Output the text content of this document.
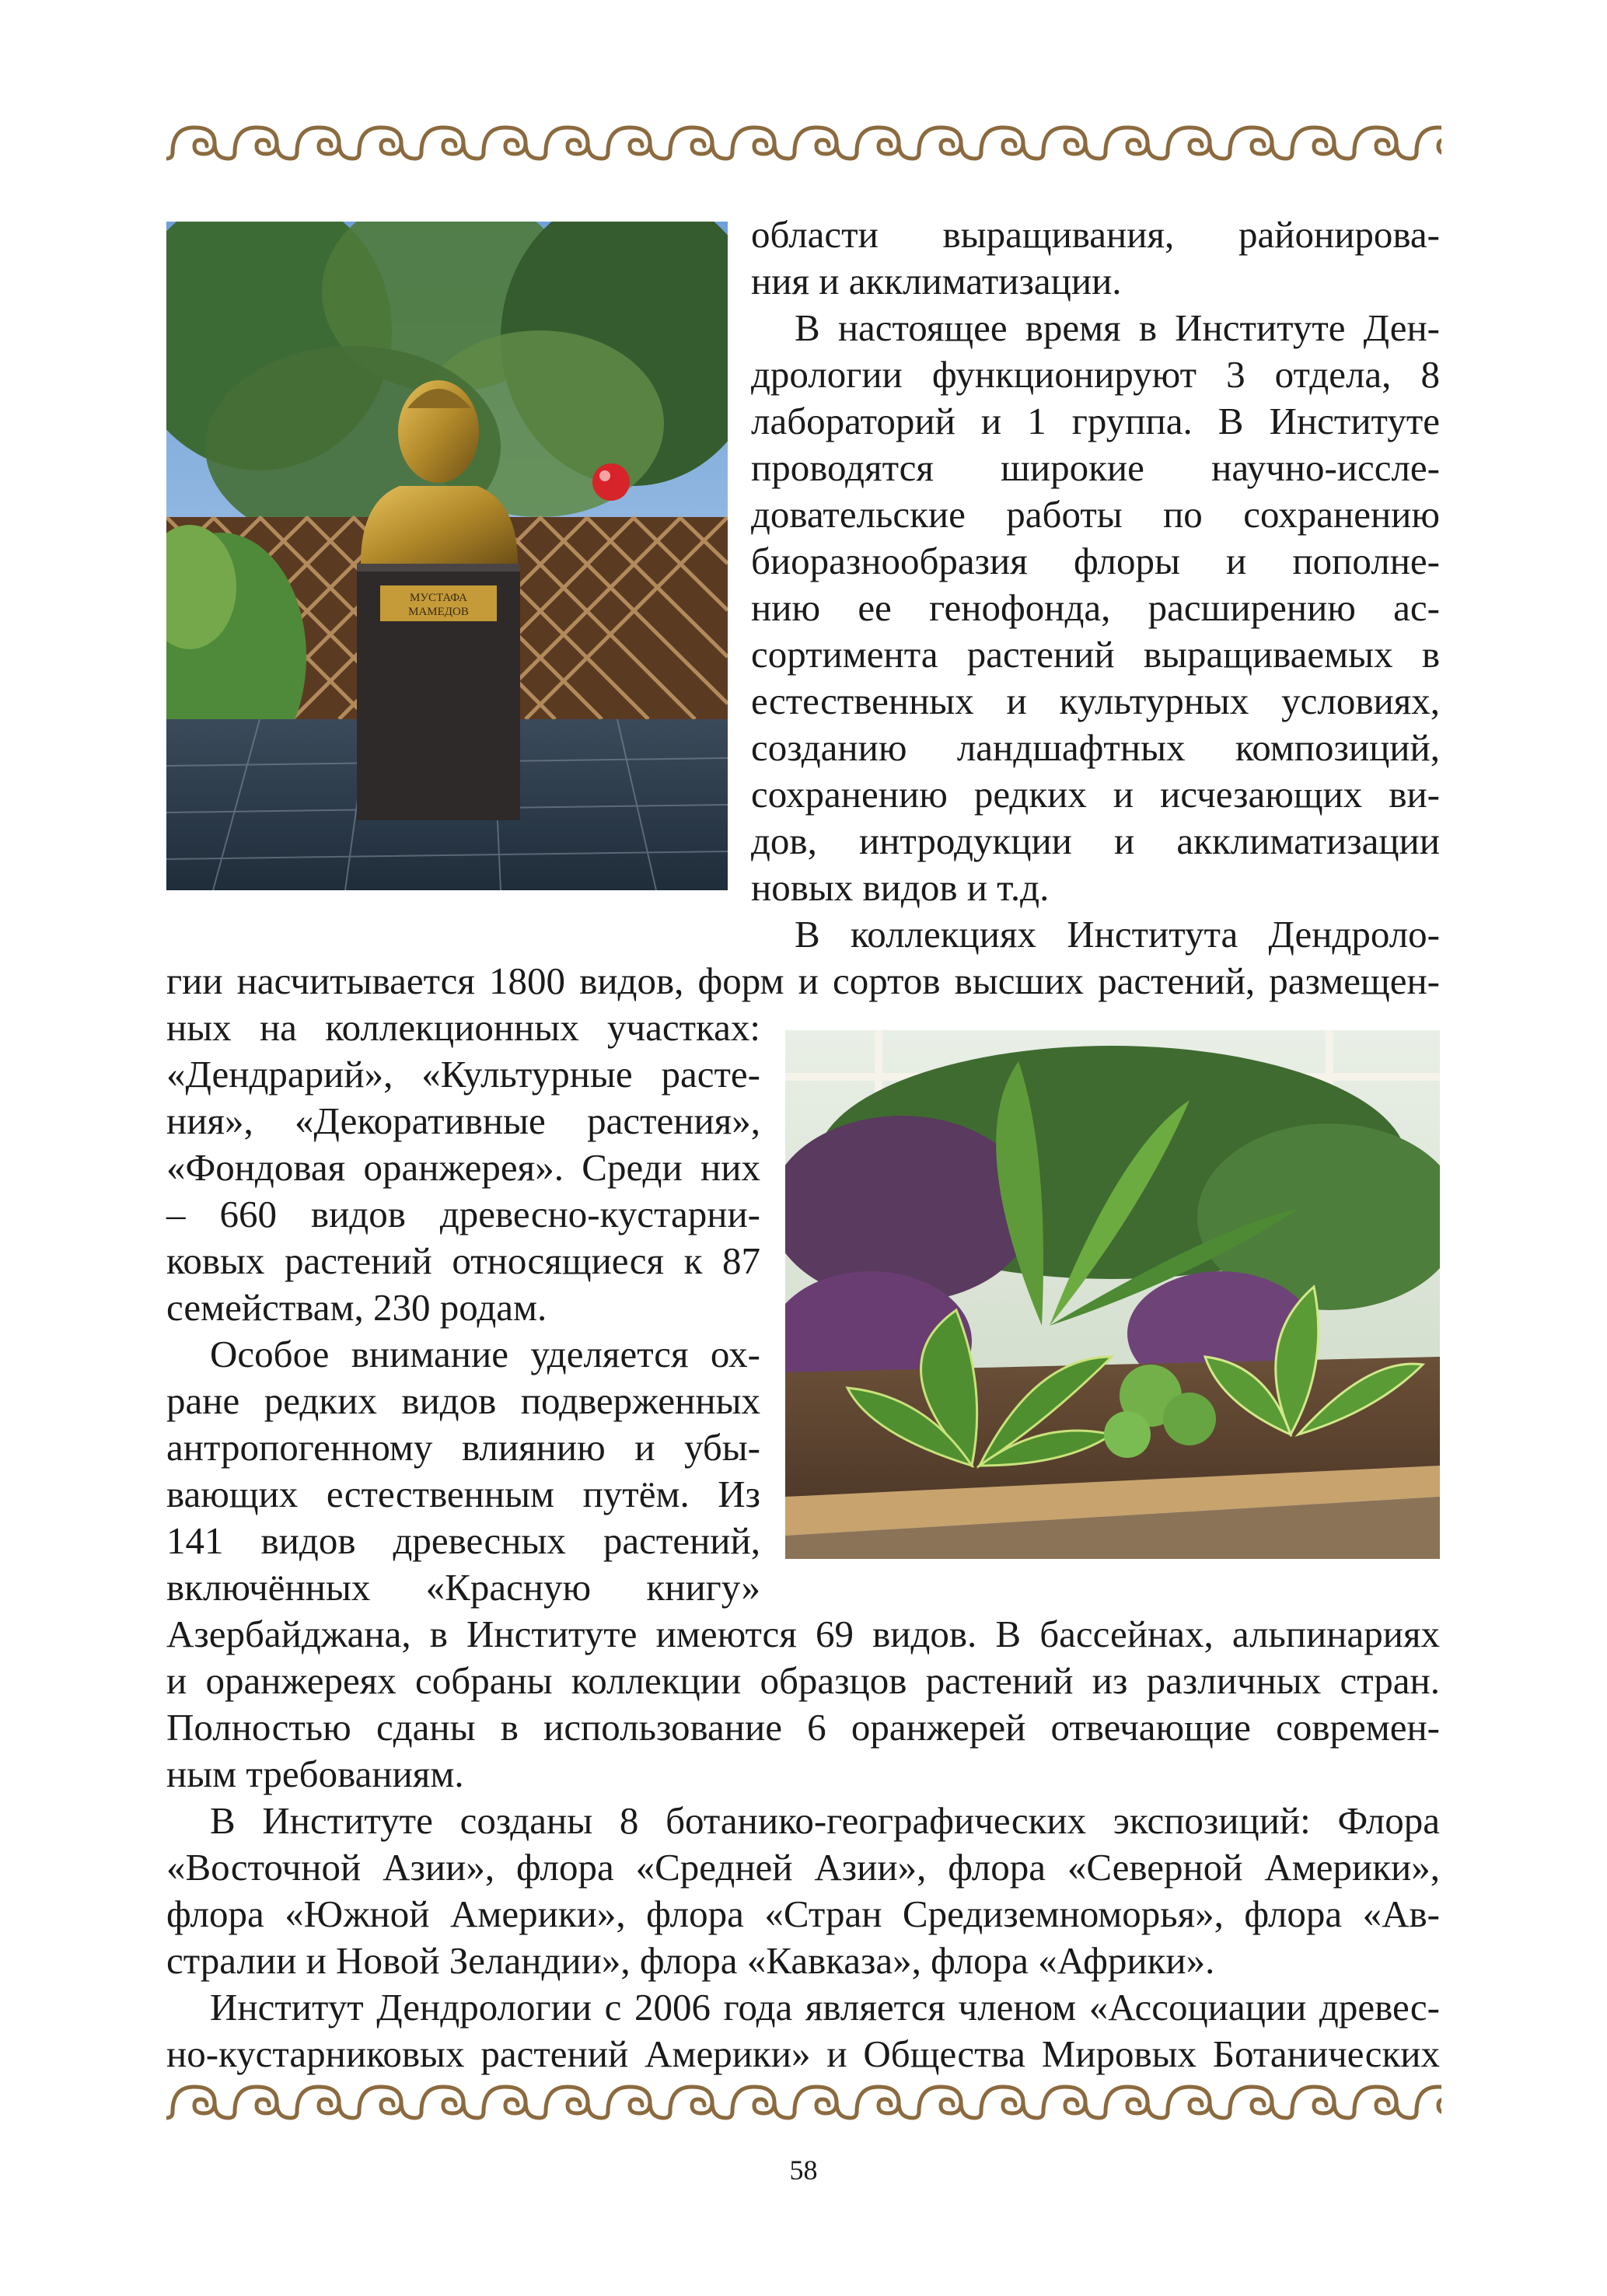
МУСТАФА
МАМЕДОВ

области выращивания, районирова-
ния и акклиматизации.

В настоящее время в Институте Ден-
дрологии функционируют 3 отдела, 8
лабораторий и 1 группа. В Институте
проводятся широкие научно-иссле-
довательские работы по сохранению
биоразнообразия флоры и пополне-
нию ее генофонда, расширению ас-
сортимента растений выращиваемых в
естественных и культурных условиях,
созданию ландшафтных композиций,
сохранению редких и исчезающих ви-
дов, интродукции и акклиматизации
новых видов и т.д.

В коллекциях Института Дендроло-
гии насчитывается 1800 видов, форм и сортов высших растений, размещен-

ных на коллекционных участках:
«Дендрарий», «Культурные расте-
ния», «Декоративные растения»,
«Фондовая оранжерея». Среди них
– 660 видов древесно-кустарни-
ковых растений относящиеся к 87
семействам, 230 родам.

Особое внимание уделяется ох-
ране редких видов подверженных
антропогенному влиянию и убы-
вающих естественным путём. Из
141 видов древесных растений,
включённых «Красную книгу»

Азербайджана, в Институте имеются 69 видов. В бассейнах, альпинариях
и оранжереях собраны коллекции образцов растений из различных стран.
Полностью сданы в использование 6 оранжерей отвечающие современ-
ным требованиям.

В Институте созданы 8 ботанико-географических экспозиций: Флора
«Восточной Азии», флора «Средней Азии», флора «Северной Америки»,
флора «Южной Америки», флора «Стран Средиземноморья», флора «Ав-
стралии и Новой Зеландии», флора «Кавказа», флора «Африки».

Институт Дендрологии с 2006 года является членом «Ассоциации древес-
но-кустарниковых растений Америки» и Общества Мировых Ботанических

58
